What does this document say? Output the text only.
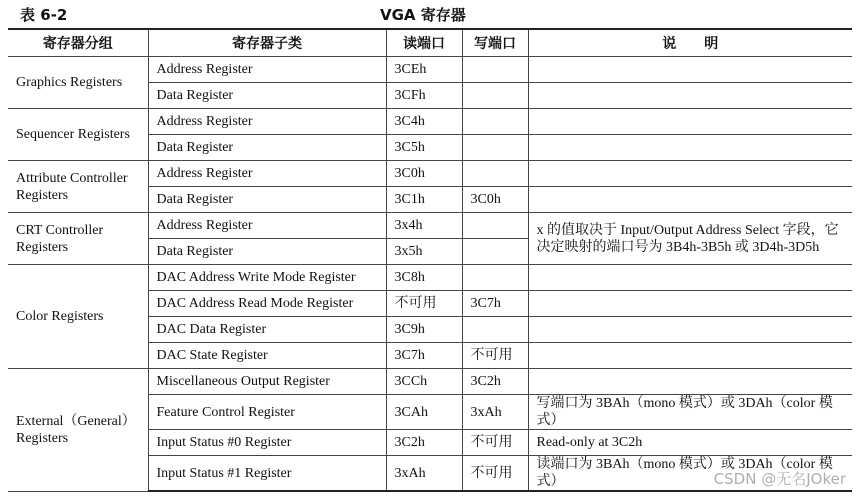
表 6-2	VGA 寄存器
寄存器分组	寄存器子类	读端口	写端口	说　　明
Graphics Registers	Address Register	3CEh		
	Data Register	3CFh		
Sequencer Registers	Address Register	3C4h		
	Data Register	3C5h		
Attribute Controller Registers	Address Register	3C0h		
	Data Register	3C1h	3C0h	
CRT Controller Registers	Address Register	3x4h		x 的值取决于 Input/Output Address Select 字段，它决定映射的端口号为 3B4h-3B5h 或 3D4h-3D5h
	Data Register	3x5h		
Color Registers	DAC Address Write Mode Register	3C8h		
	DAC Address Read Mode Register	不可用	3C7h	
	DAC Data Register	3C9h		
	DAC State Register	3C7h	不可用	
External（General） Registers	Miscellaneous Output Register	3CCh	3C2h	
	Feature Control Register	3CAh	3xAh	写端口为 3BAh（mono 模式）或 3DAh（color 模式）
	Input Status #0 Register	3C2h	不可用	Read-only at 3C2h
	Input Status #1 Register	3xAh	不可用	读端口为 3BAh（mono 模式）或 3DAh（color 模式）	CSDN @无名JOker
